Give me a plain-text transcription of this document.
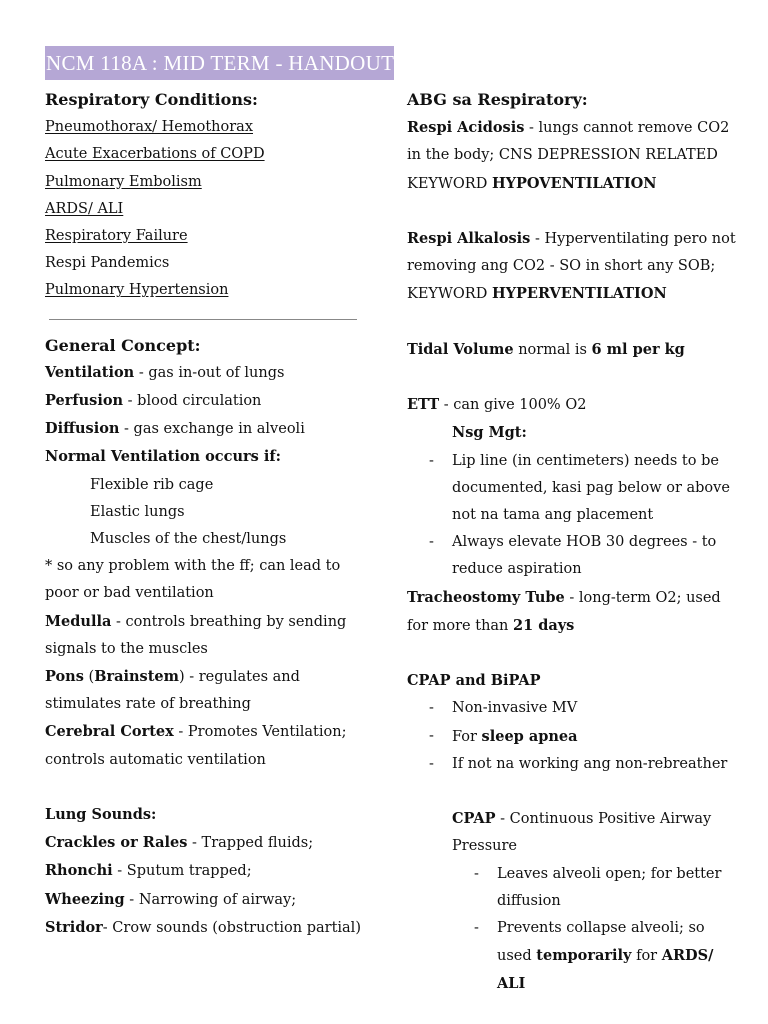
NCM 118A : MID TERM - HANDOUT

Respiratory Conditions:

Pneumothorax/ Hemothorax

Acute Exacerbations of COPD

Pulmonary Embolism

ARDS/ ALI

Respiratory Failure

Respi Pandemics

Pulmonary Hypertension

General Concept:

Ventilation - gas in-out of lungs

Perfusion - blood circulation

Diffusion - gas exchange in alveoli

Normal Ventilation occurs if:

Flexible rib cage

Elastic lungs

Muscles of the chest/lungs

* so any problem with the ff; can lead to poor or bad ventilation

Medulla - controls breathing by sending signals to the muscles

Pons (Brainstem) - regulates and stimulates rate of breathing

Cerebral Cortex - Promotes Ventilation; controls automatic ventilation

Lung Sounds:

Crackles or Rales - Trapped fluids;

Rhonchi - Sputum trapped;

Wheezing - Narrowing of airway;

Stridor- Crow sounds (obstruction partial)

ABG sa Respiratory:

Respi Acidosis - lungs cannot remove CO2 in the body; CNS DEPRESSION RELATED KEYWORD HYPOVENTILATION

Respi Alkalosis - Hyperventilating pero not removing ang CO2 - SO in short any SOB; KEYWORD HYPERVENTILATION

Tidal Volume normal is 6 ml per kg

ETT - can give 100% O2

Nsg Mgt:

- Lip line (in centimeters) needs to be documented, kasi pag below or above not na tama ang placement

- Always elevate HOB 30 degrees - to reduce aspiration

Tracheostomy Tube - long-term O2; used for more than 21 days

CPAP and BiPAP

- Non-invasive MV

- For sleep apnea

- If not na working ang non-rebreather

CPAP - Continuous Positive Airway Pressure

- Leaves alveoli open; for better diffusion

- Prevents collapse alveoli; so used temporarily for ARDS/ ALI
